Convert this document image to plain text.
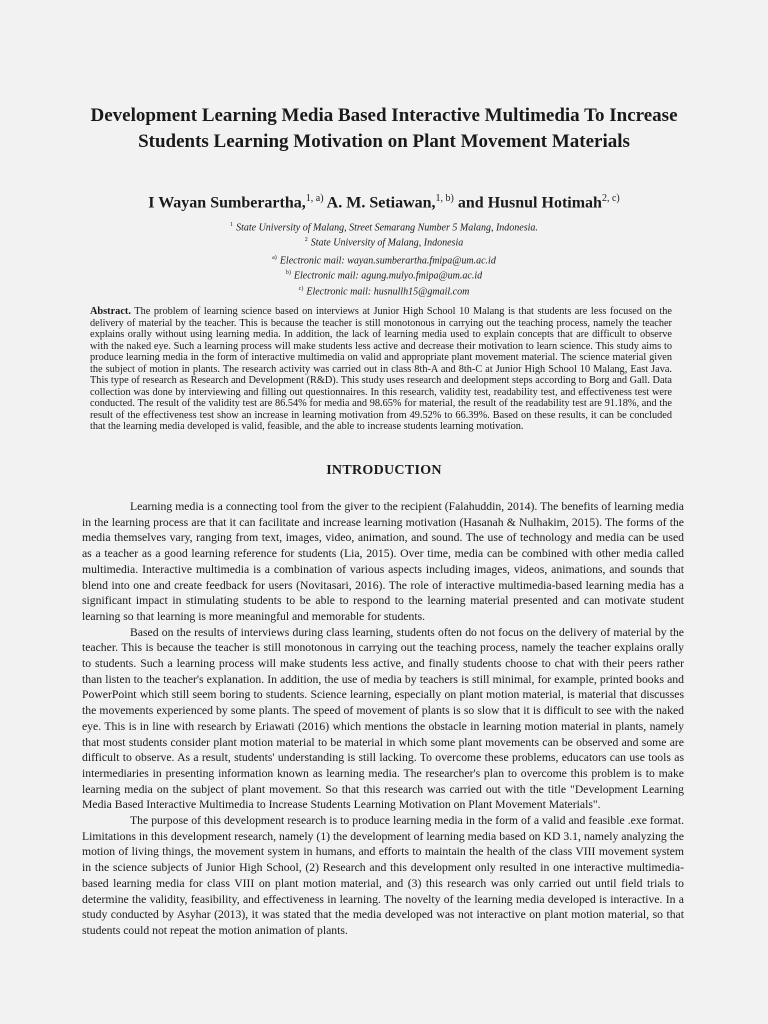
Development Learning Media Based Interactive Multimedia To Increase Students Learning Motivation on Plant Movement Materials

I Wayan Sumberartha,$^{1, a)}$ A. M. Setiawan,$^{1, b)}$ and Husnul Hotimah$^{2, c)}$

$^1$ State University of Malang, Street Semarang Number 5 Malang, Indonesia.

$^2$ State University of Malang, Indonesia

$^{a)}$ Electronic mail: wayan.sumberartha.fmipa@um.ac.id

$^{b)}$ Electronic mail: agung.mulyo.fmipa@um.ac.id

$^{c)}$ Electronic mail: husnullh15@gmail.com

Abstract. The problem of learning science based on interviews at Junior High School 10 Malang is that students are less focused on the delivery of material by the teacher. This is because the teacher is still monotonous in carrying out the teaching process, namely the teacher explains orally without using learning media. In addition, the lack of learning media used to explain concepts that are difficult to observe with the naked eye. Such a learning process will make students less active and decrease their motivation to learn science. This study aims to produce learning media in the form of interactive multimedia on valid and appropriate plant movement material. The science material given the subject of motion in plants. The research activity was carried out in class 8th-A and 8th-C at Junior High School 10 Malang, East Java. This type of research as Research and Development (R&D). This study uses research and deelopment steps according to Borg and Gall. Data collection was done by interviewing and filling out questionnaires. In this research, validity test, readability test, and effectiveness test were conducted. The result of the validity test are 86.54% for media and 98.65% for material, the result of the readability test are 91.18%, and the result of the effectiveness test show an increase in learning motivation from 49.52% to 66.39%. Based on these results, it can be concluded that the learning media developed is valid, feasible, and the able to increase students learning motivation.

INTRODUCTION

Learning media is a connecting tool from the giver to the recipient (Falahuddin, 2014). The benefits of learning media in the learning process are that it can facilitate and increase learning motivation (Hasanah & Nulhakim, 2015). The forms of the media themselves vary, ranging from text, images, video, animation, and sound. The use of technology and media can be used as a teacher as a good learning reference for students (Lia, 2015). Over time, media can be combined with other media called multimedia. Interactive multimedia is a combination of various aspects including images, videos, animations, and sounds that blend into one and create feedback for users (Novitasari, 2016). The role of interactive multimedia-based learning media has a significant impact in stimulating students to be able to respond to the learning material presented and can motivate student learning so that learning is more meaningful and memorable for students.

Based on the results of interviews during class learning, students often do not focus on the delivery of material by the teacher. This is because the teacher is still monotonous in carrying out the teaching process, namely the teacher explains orally to students. Such a learning process will make students less active, and finally students choose to chat with their peers rather than listen to the teacher's explanation. In addition, the use of media by teachers is still minimal, for example, printed books and PowerPoint which still seem boring to students. Science learning, especially on plant motion material, is material that discusses the movements experienced by some plants. The speed of movement of plants is so slow that it is difficult to see with the naked eye. This is in line with research by Eriawati (2016) which mentions the obstacle in learning motion material in plants, namely that most students consider plant motion material to be material in which some plant movements can be observed and some are difficult to observe. As a result, students' understanding is still lacking. To overcome these problems, educators can use tools as intermediaries in presenting information known as learning media. The researcher's plan to overcome this problem is to make learning media on the subject of plant movement. So that this research was carried out with the title "Development Learning Media Based Interactive Multimedia to Increase Students Learning Motivation on Plant Movement Materials".

The purpose of this development research is to produce learning media in the form of a valid and feasible .exe format. Limitations in this development research, namely (1) the development of learning media based on KD 3.1, namely analyzing the motion of living things, the movement system in humans, and efforts to maintain the health of the class VIII movement system in the science subjects of Junior High School, (2) Research and this development only resulted in one interactive multimedia-based learning media for class VIII on plant motion material, and (3) this research was only carried out until field trials to determine the validity, feasibility, and effectiveness in learning. The novelty of the learning media developed is interactive. In a study conducted by Asyhar (2013), it was stated that the media developed was not interactive on plant motion material, so that students could not repeat the motion animation of plants.
